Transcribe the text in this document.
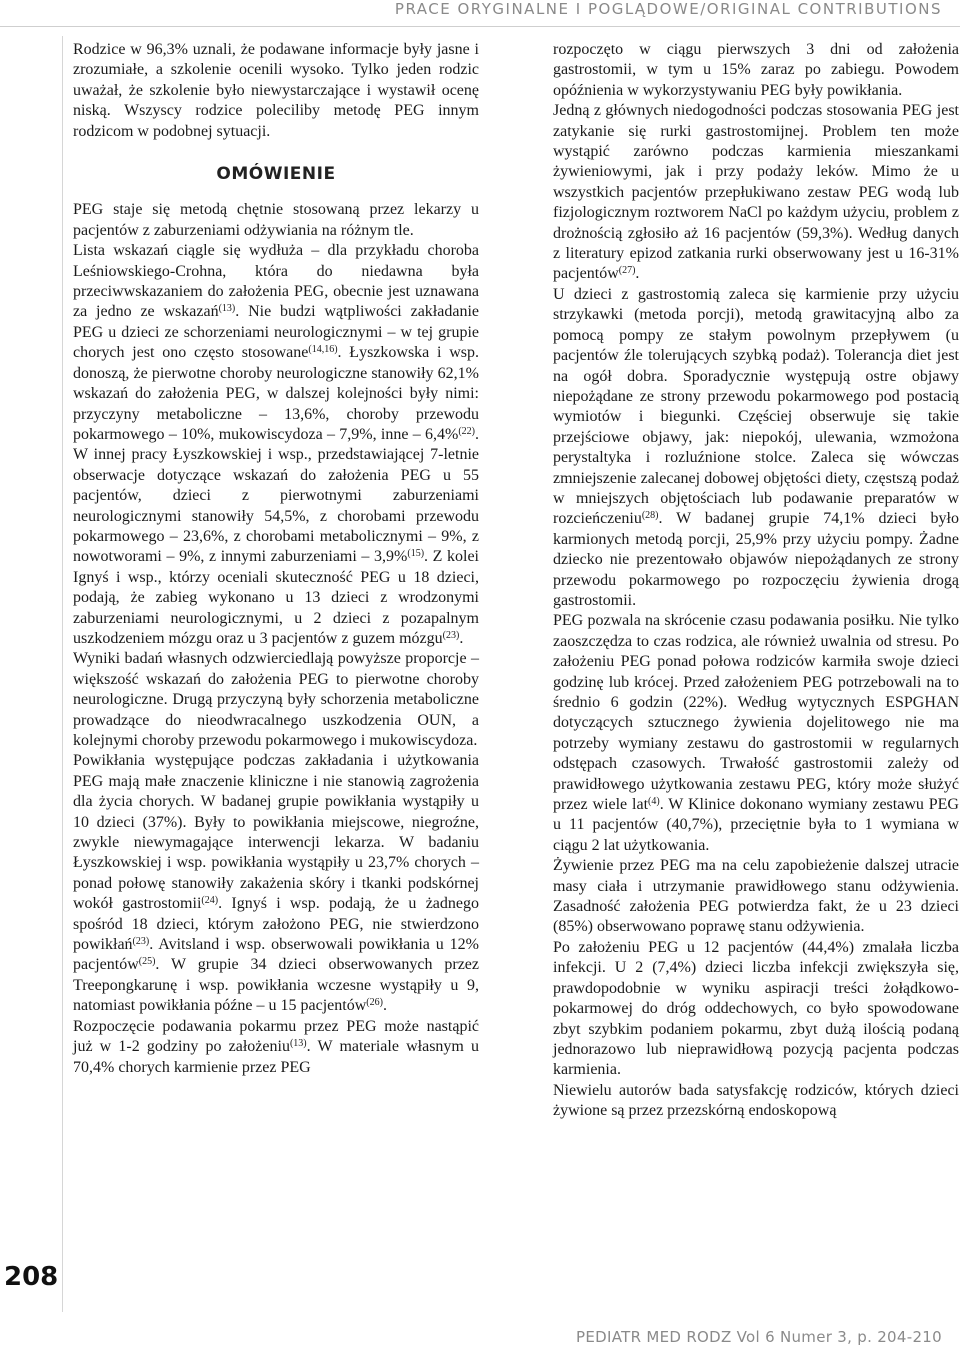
PRACE ORYGINALNE I POGLĄDOWE/ORIGINAL CONTRIBUTIONS
208

Rodzice w 96,3% uznali, że podawane informacje były jasne i zrozumiałe, a szkolenie ocenili wysoko. Tylko jeden rodzic uważał, że szkolenie było niewystarczające i wystawił ocenę niską. Wszyscy rodzice poleciliby metodę PEG innym rodzicom w podobnej sytuacji.

OMÓWIENIE

PEG staje się metodą chętnie stosowaną przez lekarzy u pacjentów z zaburzeniami odżywiania na różnym tle.

Lista wskazań ciągle się wydłuża – dla przykładu choroba Leśniowskiego-Crohna, która do niedawna była przeciwwskazaniem do założenia PEG, obecnie jest uznawana za jedno ze wskazań$^{(13)}$. Nie budzi wątpliwości zakładanie PEG u dzieci ze schorzeniami neurologicznymi – w tej grupie chorych jest ono często stosowane$^{(14,16)}$. Łyszkowska i wsp. donoszą, że pierwotne choroby neurologiczne stanowiły 62,1% wskazań do założenia PEG, w dalszej kolejności były nimi: przyczyny metaboliczne – 13,6%, choroby przewodu pokarmowego – 10%, mukowiscydoza – 7,9%, inne – 6,4%$^{(22)}$. W innej pracy Łyszkowskiej i wsp., przedstawiającej 7-letnie obserwacje dotyczące wskazań do założenia PEG u 55 pacjentów, dzieci z pierwotnymi zaburzeniami neurologicznymi stanowiły 54,5%, z chorobami przewodu pokarmowego – 23,6%, z chorobami metabolicznymi – 9%, z nowotworami – 9%, z innymi zaburzeniami – 3,9%$^{(15)}$. Z kolei Ignyś i wsp., którzy oceniali skuteczność PEG u 18 dzieci, podają, że zabieg wykonano u 13 dzieci z wrodzonymi zaburzeniami neurologicznymi, u 2 dzieci z pozapalnym uszkodzeniem mózgu oraz u 3 pacjentów z guzem mózgu$^{(23)}$.

Wyniki badań własnych odzwierciedlają powyższe proporcje – większość wskazań do założenia PEG to pierwotne choroby neurologiczne. Drugą przyczyną były schorzenia metaboliczne prowadzące do nieodwracalnego uszkodzenia OUN, a kolejnymi choroby przewodu pokarmowego i mukowiscydoza.

Powikłania występujące podczas zakładania i użytkowania PEG mają małe znaczenie kliniczne i nie stanowią zagrożenia dla życia chorych. W badanej grupie powikłania wystąpiły u 10 dzieci (37%). Były to powikłania miejscowe, niegroźne, zwykle niewymagające interwencji lekarza. W badaniu Łyszkowskiej i wsp. powikłania wystąpiły u 23,7% chorych – ponad połowę stanowiły zakażenia skóry i tkanki podskórnej wokół gastrostomii$^{(24)}$. Ignyś i wsp. podają, że u żadnego spośród 18 dzieci, którym założono PEG, nie stwierdzono powikłań$^{(23)}$. Avitsland i wsp. obserwowali powikłania u 12% pacjentów$^{(25)}$. W grupie 34 dzieci obserwowanych przez Treepongkarunę i wsp. powikłania wczesne wystąpiły u 9, natomiast powikłania późne – u 15 pacjentów$^{(26)}$.

Rozpoczęcie podawania pokarmu przez PEG może nastąpić już w 1-2 godziny po założeniu$^{(13)}$. W materiale własnym u 70,4% chorych karmienie przez PEG

rozpoczęto w ciągu pierwszych 3 dni od założenia gastrostomii, w tym u 15% zaraz po zabiegu. Powodem opóźnienia w wykorzystywaniu PEG były powikłania.

Jedną z głównych niedogodności podczas stosowania PEG jest zatykanie się rurki gastrostomijnej. Problem ten może wystąpić zarówno podczas karmienia mieszankami żywieniowymi, jak i przy podaży leków. Mimo że u wszystkich pacjentów przepłukiwano zestaw PEG wodą lub fizjologicznym roztworem NaCl po każdym użyciu, problem z drożnością zgłosiło aż 16 pacjentów (59,3%). Według danych z literatury epizod zatkania rurki obserwowany jest u 16-31% pacjentów$^{(27)}$.

U dzieci z gastrostomią zaleca się karmienie przy użyciu strzykawki (metoda porcji), metodą grawitacyjną albo za pomocą pompy ze stałym powolnym przepływem (u pacjentów źle tolerujących szybką podaż). Tolerancja diet jest na ogół dobra. Sporadycznie występują ostre objawy niepożądane ze strony przewodu pokarmowego pod postacią wymiotów i biegunki. Częściej obserwuje się takie przejściowe objawy, jak: niepokój, ulewania, wzmożona perystaltyka i rozluźnione stolce. Zaleca się wówczas zmniejszenie zalecanej dobowej objętości diety, częstszą podaż w mniejszych objętościach lub podawanie preparatów w rozcieńczeniu$^{(28)}$. W badanej grupie 74,1% dzieci było karmionych metodą porcji, 25,9% przy użyciu pompy. Żadne dziecko nie prezentowało objawów niepożądanych ze strony przewodu pokarmowego po rozpoczęciu żywienia drogą gastrostomii.

PEG pozwala na skrócenie czasu podawania posiłku. Nie tylko zaoszczędza to czas rodzica, ale również uwalnia od stresu. Po założeniu PEG ponad połowa rodziców karmiła swoje dzieci godzinę lub krócej. Przed założeniem PEG potrzebowali na to średnio 6 godzin (22%). Według wytycznych ESPGHAN dotyczących sztucznego żywienia dojelitowego nie ma potrzeby wymiany zestawu do gastrostomii w regularnych odstępach czasowych. Trwałość gastrostomii zależy od prawidłowego użytkowania zestawu PEG, który może służyć przez wiele lat$^{(4)}$. W Klinice dokonano wymiany zestawu PEG u 11 pacjentów (40,7%), przeciętnie była to 1 wymiana w ciągu 2 lat użytkowania.

Żywienie przez PEG ma na celu zapobieżenie dalszej utracie masy ciała i utrzymanie prawidłowego stanu odżywienia. Zasadność założenia PEG potwierdza fakt, że u 23 dzieci (85%) obserwowano poprawę stanu odżywienia.

Po założeniu PEG u 12 pacjentów (44,4%) zmalała liczba infekcji. U 2 (7,4%) dzieci liczba infekcji zwiększyła się, prawdopodobnie w wyniku aspiracji treści żołądkowo-pokarmowej do dróg oddechowych, co było spowodowane zbyt szybkim podaniem pokarmu, zbyt dużą ilością podaną jednorazowo lub nieprawidłową pozycją pacjenta podczas karmienia.

Niewielu autorów bada satysfakcję rodziców, których dzieci żywione są przez przezskórną endoskopową

PEDIATR MED RODZ Vol 6 Numer 3, p. 204-210
